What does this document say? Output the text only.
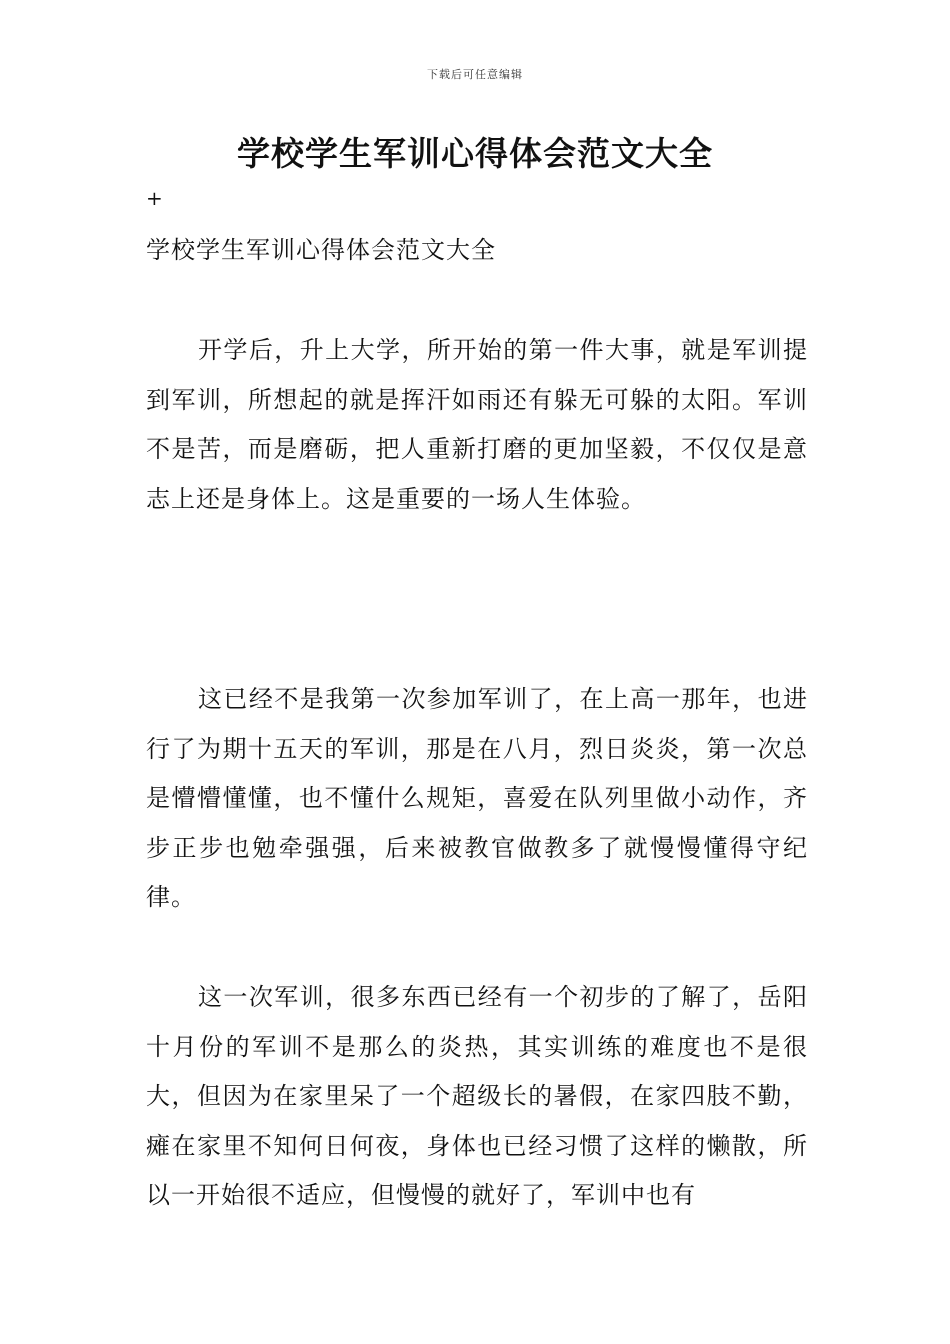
下载后可任意编辑
学校学生军训心得体会范文大全
+
学校学生军训心得体会范文大全

开学后，升上大学，所开始的第一件大事，就是军训提到军训，所想起的就是挥汗如雨还有躲无可躲的太阳。军训不是苦，而是磨砺，把人重新打磨的更加坚毅，不仅仅是意志上还是身体上。这是重要的一场人生体验。

这已经不是我第一次参加军训了，在上高一那年，也进行了为期十五天的军训，那是在八月，烈日炎炎，第一次总是懵懵懂懂，也不懂什么规矩，喜爱在队列里做小动作，齐步正步也勉牵强强，后来被教官做教多了就慢慢懂得守纪律。

这一次军训，很多东西已经有一个初步的了解了，岳阳十月份的军训不是那么的炎热，其实训练的难度也不是很大，但因为在家里呆了一个超级长的暑假，在家四肢不勤，瘫在家里不知何日何夜，身体也已经习惯了这样的懒散，所以一开始很不适应，但慢慢的就好了，军训中也有
